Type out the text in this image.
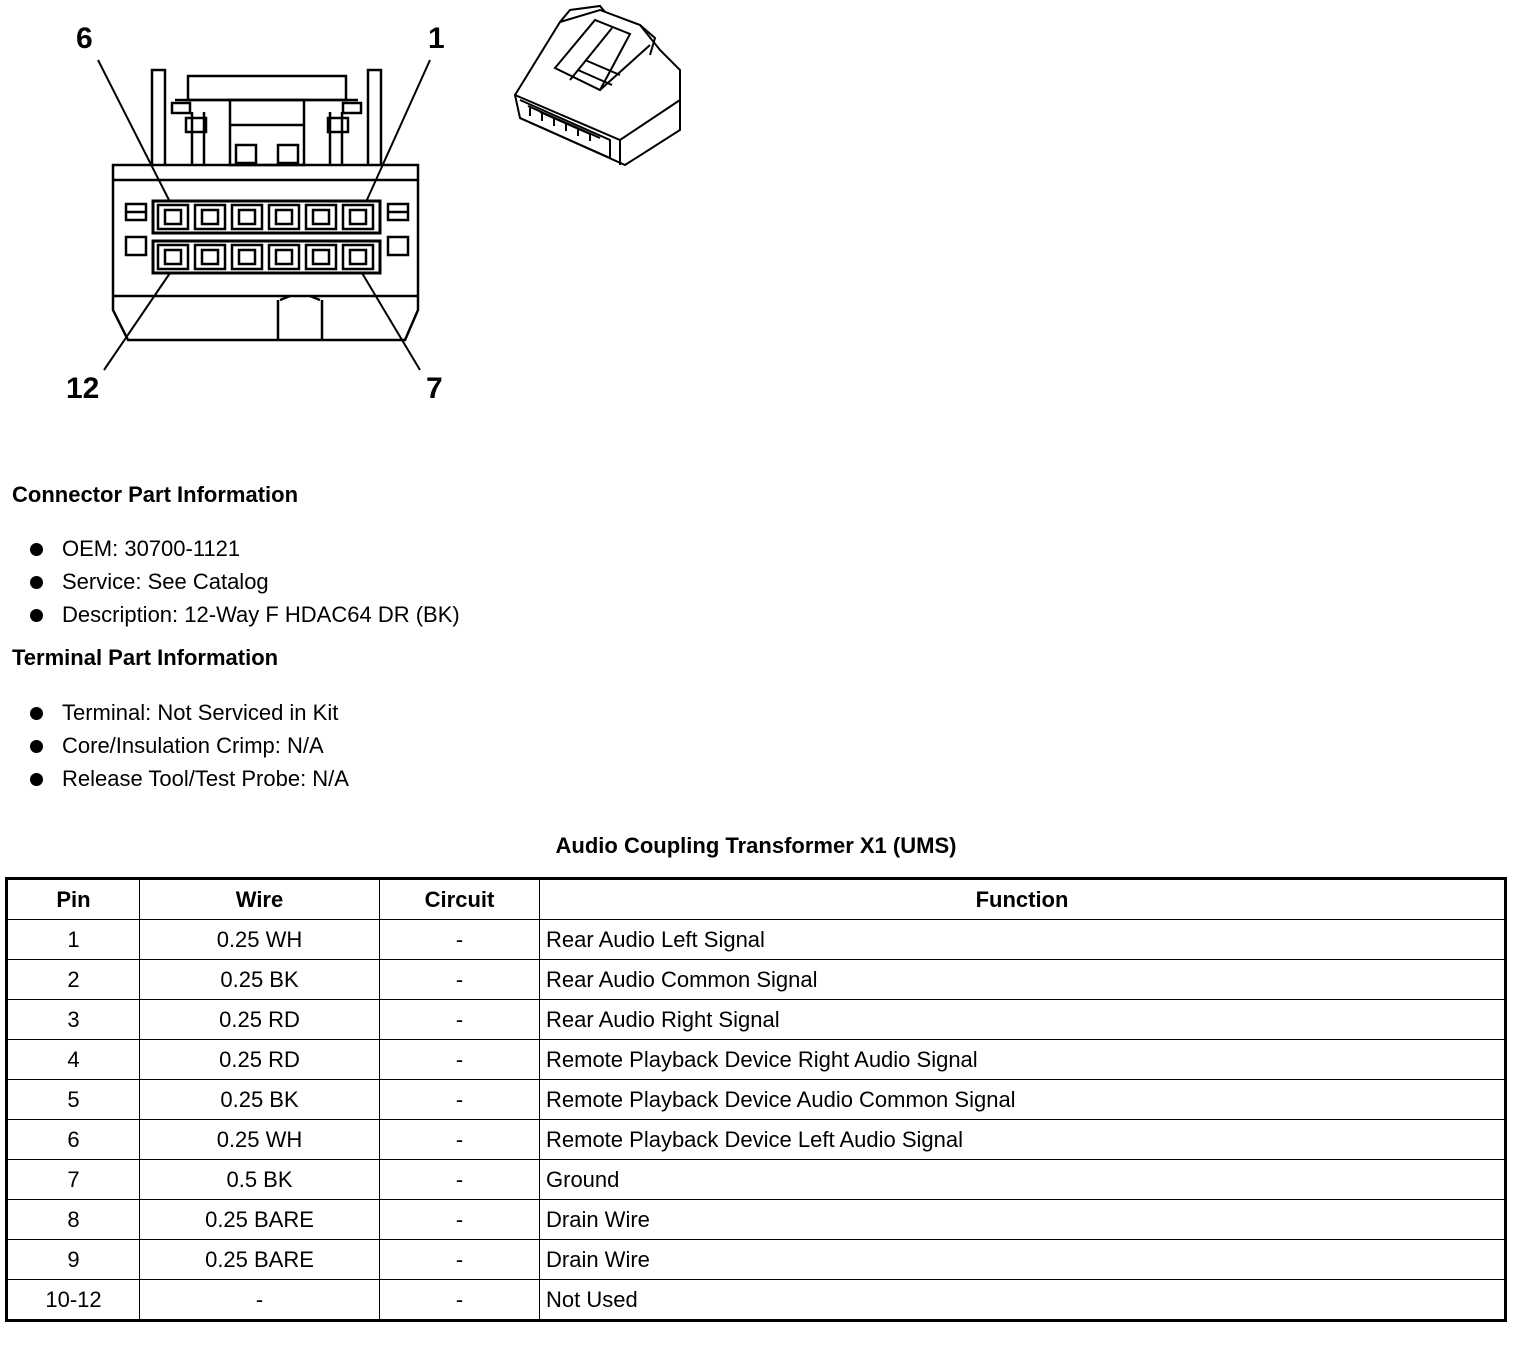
6	1
12	7
Connector Part Information
OEM: 30700-1121
Service: See Catalog
Description: 12-Way F HDAC64 DR (BK)
Terminal Part Information
Terminal: Not Serviced in Kit
Core/Insulation Crimp: N/A
Release Tool/Test Probe: N/A
Audio Coupling Transformer X1 (UMS)
Pin	Wire	Circuit	Function
1	0.25 WH	-	Rear Audio Left Signal
2	0.25 BK	-	Rear Audio Common Signal
3	0.25 RD	-	Rear Audio Right Signal
4	0.25 RD	-	Remote Playback Device Right Audio Signal
5	0.25 BK	-	Remote Playback Device Audio Common Signal
6	0.25 WH	-	Remote Playback Device Left Audio Signal
7	0.5 BK	-	Ground
8	0.25 BARE	-	Drain Wire
9	0.25 BARE	-	Drain Wire
10-12	-	-	Not Used
